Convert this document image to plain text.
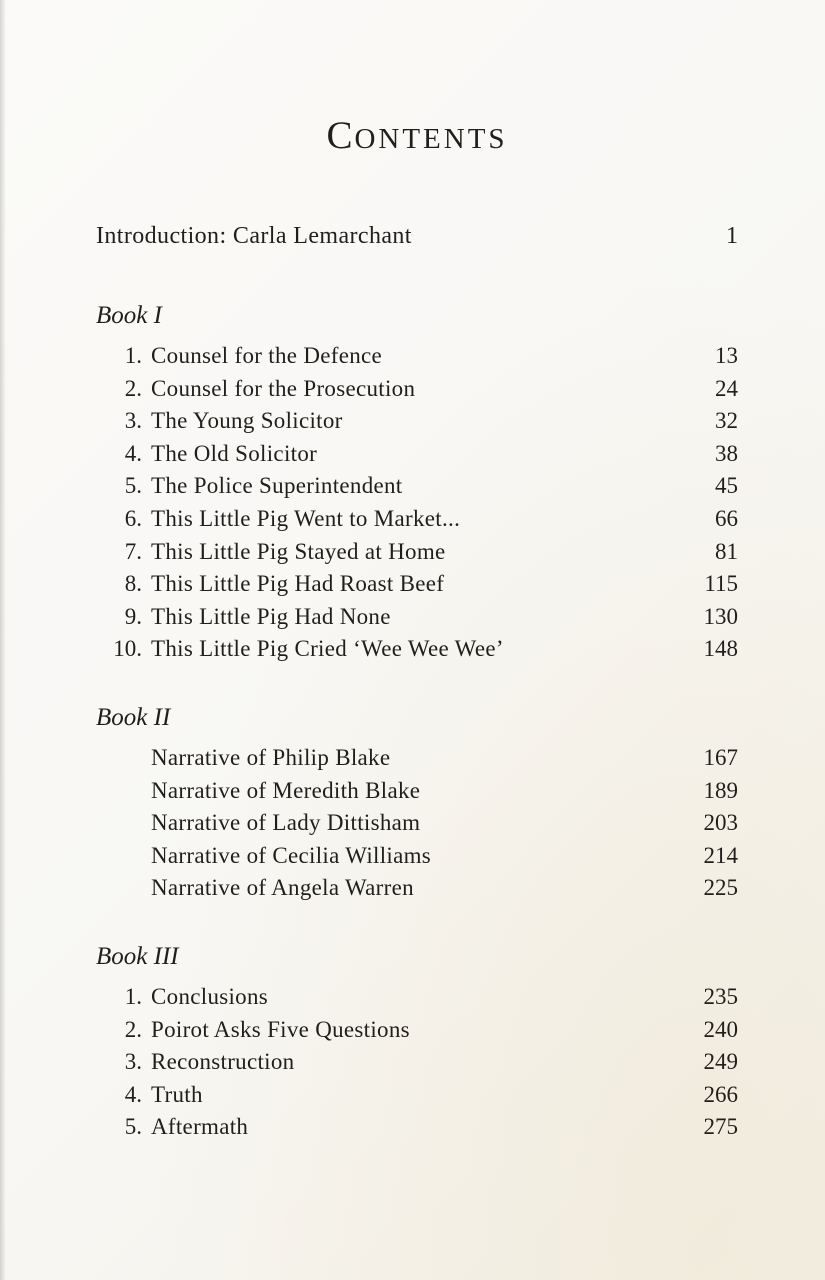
CONTENTS
Introduction: Carla Lemarchant	1
Book I
1. Counsel for the Defence	13
2. Counsel for the Prosecution	24
3. The Young Solicitor	32
4. The Old Solicitor	38
5. The Police Superintendent	45
6. This Little Pig Went to Market...	66
7. This Little Pig Stayed at Home	81
8. This Little Pig Had Roast Beef	115
9. This Little Pig Had None	130
10. This Little Pig Cried ‘Wee Wee Wee’	148
Book II
Narrative of Philip Blake	167
Narrative of Meredith Blake	189
Narrative of Lady Dittisham	203
Narrative of Cecilia Williams	214
Narrative of Angela Warren	225
Book III
1. Conclusions	235
2. Poirot Asks Five Questions	240
3. Reconstruction	249
4. Truth	266
5. Aftermath	275
